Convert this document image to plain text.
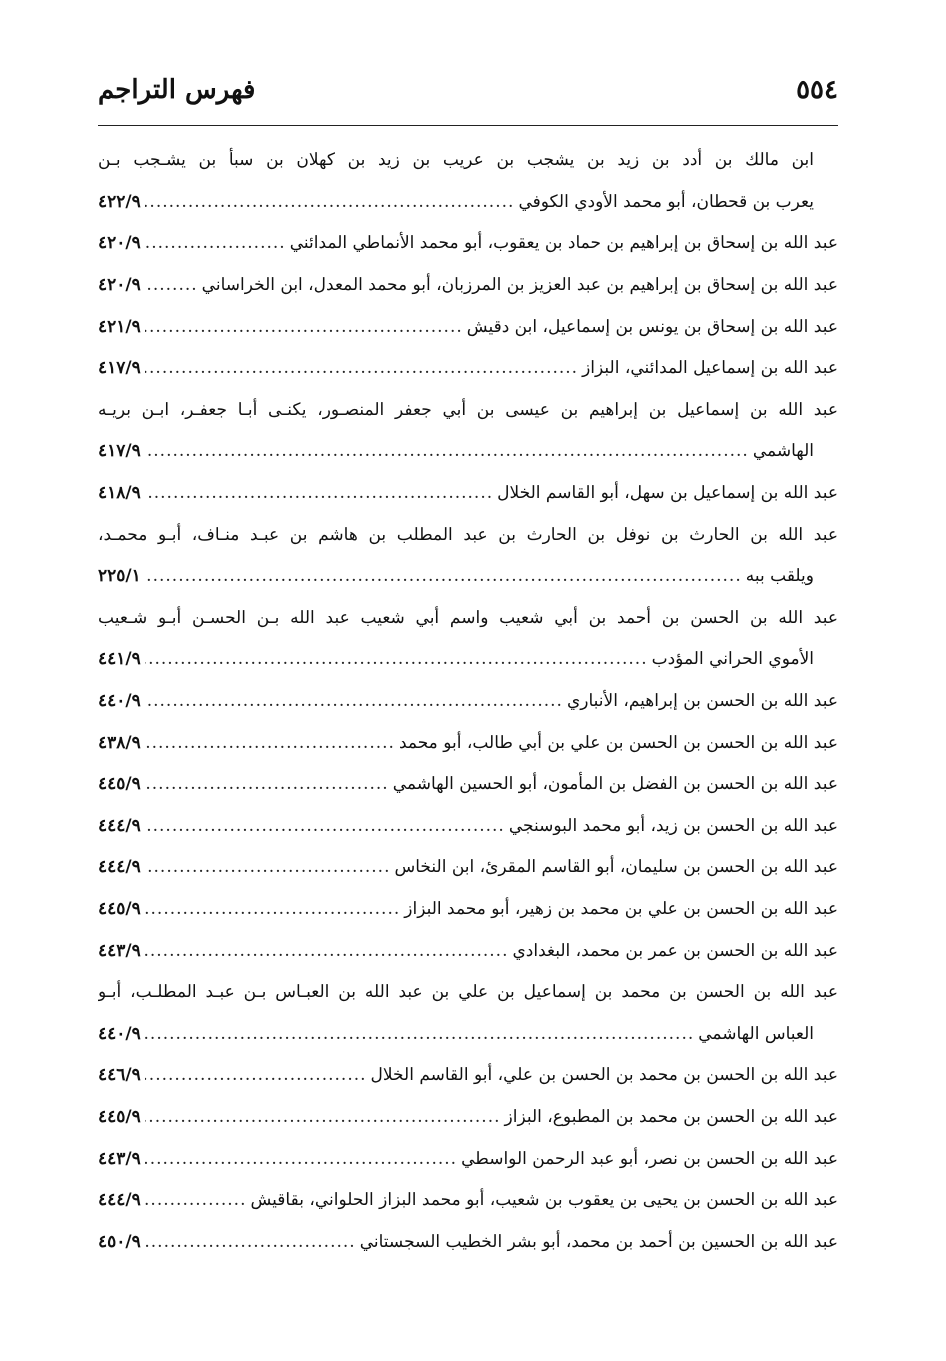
٥٥٤
فهرس التراجم
ابن مالك بن أدد بن زيد بن يشجب بن عريب بن زيد بن كهلان بن سبأ بن يشـجب بـن
يعرب بن قحطان، أبو محمد الأودي الكوفي
.....
٤٢٢/٩
عبد الله بن إسحاق بن إبراهيم بن حماد بن يعقوب، أبو محمد الأنماطي المدائني
.....
٤٢٠/٩
عبد الله بن إسحاق بن إبراهيم بن عبد العزيز بن المرزبان، أبو محمد المعدل، ابن الخراساني
.....
٤٢٠/٩
عبد الله بن إسحاق بن يونس بن إسماعيل، ابن دقيش
.....
٤٢١/٩
عبد الله بن إسماعيل المدائني، البزاز
.....
٤١٧/٩
عبد الله بن إسماعيل بن إبراهيم بن عيسى بن أبي جعفر المنصـور، يكنـى أبـا جعفـر، ابـن بريـه
الهاشمي
.....
٤١٧/٩
عبد الله بن إسماعيل بن سهل، أبو القاسم الخلال
.....
٤١٨/٩
عبد الله بن الحارث بن نوفل بن الحارث بن عبد المطلب بن هاشم بن عبـد منـاف، أبـو محمـد،
ويلقب ببه
.....
٢٢٥/١
عبد الله بن الحسن بن أحمد بن أبي شعيب واسم أبي شعيب عبد الله بـن الحسـن أبـو شـعيب
الأموي الحراني المؤدب
.....
٤٤١/٩
عبد الله بن الحسن بن إبراهيم، الأنباري
.....
٤٤٠/٩
عبد الله بن الحسن بن الحسن بن علي بن أبي طالب، أبو محمد
.....
٤٣٨/٩
عبد الله بن الحسن بن الفضل بن المأمون، أبو الحسين الهاشمي
.....
٤٤٥/٩
عبد الله بن الحسن بن زيد، أبو محمد البوسنجي
.....
٤٤٤/٩
عبد الله بن الحسن بن سليمان، أبو القاسم المقرئ، ابن النخاس
.....
٤٤٤/٩
عبد الله بن الحسن بن علي بن محمد بن زهير، أبو محمد البزاز
.....
٤٤٥/٩
عبد الله بن الحسن بن عمر بن محمد، البغدادي
.....
٤٤٣/٩
عبد الله بن الحسن بن محمد بن إسماعيل بن علي بن عبد الله بن العبـاس بـن عبـد المطلـب، أبـو
العباس الهاشمي
.....
٤٤٠/٩
عبد الله بن الحسن بن محمد بن الحسن بن علي، أبو القاسم الخلال
.....
٤٤٦/٩
عبد الله بن الحسن بن محمد بن المطبوع، البزاز
.....
٤٤٥/٩
عبد الله بن الحسن بن نصر، أبو عبد الرحمن الواسطي
.....
٤٤٣/٩
عبد الله بن الحسن بن يحيى بن يعقوب بن شعيب، أبو محمد البزاز الحلواني، بقاقيش
.....
٤٤٤/٩
عبد الله بن الحسين بن أحمد بن محمد، أبو بشر الخطيب السجستاني
.....
٤٥٠/٩
